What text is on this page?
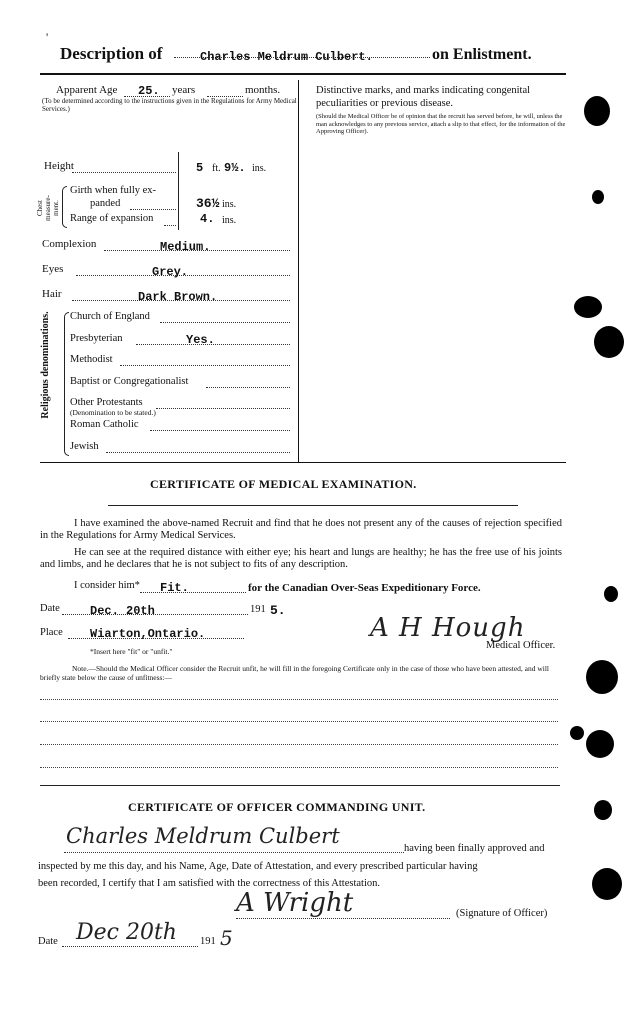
'
Description of	Charles Meldrum Culbert.	on Enlistment.
Apparent Age 25. years	months.
(To be determined according to the instructions given in the Regulations for Army Medical Services.)
Height	5 ft. 9½. ins.
Chest measure-ment.
Girth when fully ex-
panded	36½ ins.
Range of expansion	4. ins.
Complexion	Medium.
Eyes	Grey.
Hair	Dark Brown.
Religious denominations. Church of England
Presbyterian	Yes.
Methodist
Baptist or Congregationalist
Other Protestants
(Denomination to be stated.)
Roman Catholic
Jewish
Distinctive marks, and marks indicating congenital peculiarities or previous disease.
(Should the Medical Officer be of opinion that the recruit has served before, he will, unless the man acknowledges to any previous service, attach a slip to that effect, for the information of the Approving Officer).
CERTIFICATE OF MEDICAL EXAMINATION.
I have examined the above-named Recruit and find that he does not present any of the causes of rejection specified in the Regulations for Army Medical Services.
He can see at the required distance with either eye; his heart and lungs are healthy; he has the free use of his joints and limbs, and he declares that he is not subject to fits of any description.
I consider him* Fit.	for the Canadian Over-Seas Expeditionary Force.
Date	Dec. 20th	191 5.
Place Wiarton,Ontario.
*Insert here "fit" or "unfit."
A H Hough
Medical Officer.
Note.—Should the Medical Officer consider the Recruit unfit, he will fill in the foregoing Certificate only in the case of those who have been attested, and will briefly state below the cause of unfitness:—
CERTIFICATE OF OFFICER COMMANDING UNIT.
Charles Meldrum Culbert
having been finally approved and
inspected by me this day, and his Name, Age, Date of Attestation, and every prescribed particular having
been recorded, I certify that I am satisfied with the correctness of this Attestation.
A Wright	(Signature of Officer)
Date Dec 20th 191 5
